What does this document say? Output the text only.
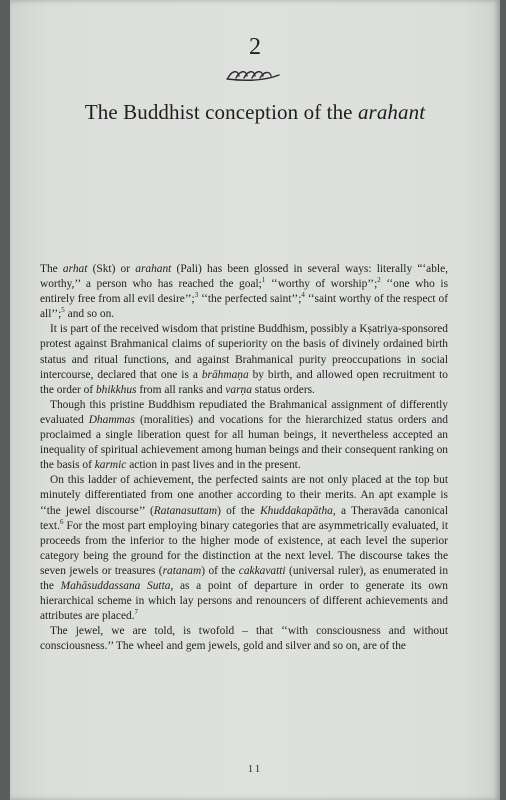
2
The Buddhist conception of the arahant

The arhat (Skt) or arahant (Pali) has been glossed in several ways: literally “‘able, worthy,’’ a person who has reached the goal;$^1$ ‘‘worthy of worship’’;$^2$ ‘‘one who is entirely free from all evil desire’’;$^3$ ‘‘the perfected saint’’;$^4$ ‘‘saint worthy of the respect of all’’;$^5$ and so on.

It is part of the received wisdom that pristine Buddhism, possibly a Kṣatriya-sponsored protest against Brahmanical claims of superiority on the basis of divinely ordained birth status and ritual functions, and against Brahmanical purity preoccupations in social intercourse, declared that one is a brāhmaṇa by birth, and allowed open recruitment to the order of bhikkhus from all ranks and varṇa status orders.

Though this pristine Buddhism repudiated the Brahmanical assignment of differently evaluated Dhammas (moralities) and vocations for the hierarchized status orders and proclaimed a single liberation quest for all human beings, it nevertheless accepted an inequality of spiritual achievement among human beings and their consequent ranking on the basis of karmic action in past lives and in the present.

On this ladder of achievement, the perfected saints are not only placed at the top but minutely differentiated from one another according to their merits. An apt example is ‘‘the jewel discourse’’ (Ratanasuttam) of the Khuddakapātha, a Theravāda canonical text.$^6$ For the most part employing binary categories that are asymmetrically evaluated, it proceeds from the inferior to the higher mode of existence, at each level the superior category being the ground for the distinction at the next level. The discourse takes the seven jewels or treasures (ratanam) of the cakkavatti (universal ruler), as enumerated in the Mahāsuddassana Sutta, as a point of departure in order to generate its own hierarchical scheme in which lay persons and renouncers of different achievements and attributes are placed.$^7$

The jewel, we are told, is twofold – that ‘‘with consciousness and without consciousness.’’ The wheel and gem jewels, gold and silver and so on, are of the

11
